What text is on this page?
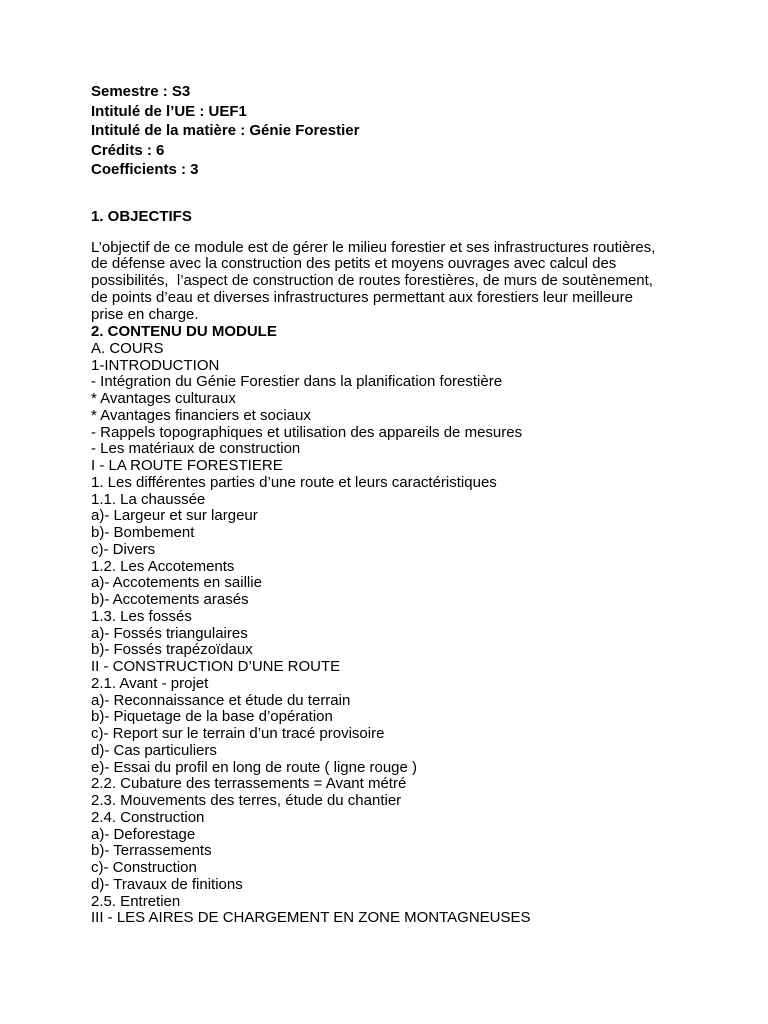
Semestre : S3
Intitulé de l’UE : UEF1
Intitulé de la matière : Génie Forestier
Crédits : 6
Coefficients : 3
1. OBJECTIFS
L’objectif de ce module est de gérer le milieu forestier et ses infrastructures routières,
de défense avec la construction des petits et moyens ouvrages avec calcul des
possibilités,  l’aspect de construction de routes forestières, de murs de soutènement,
de points d’eau et diverses infrastructures permettant aux forestiers leur meilleure
prise en charge.
2. CONTENU DU MODULE
A. COURS
1-INTRODUCTION
- Intégration du Génie Forestier dans la planification forestière
* Avantages culturaux
* Avantages financiers et sociaux
- Rappels topographiques et utilisation des appareils de mesures
- Les matériaux de construction
I - LA ROUTE FORESTIERE
1. Les différentes parties d’une route et leurs caractéristiques
1.1. La chaussée
a)- Largeur et sur largeur
b)- Bombement
c)- Divers
1.2. Les Accotements
a)- Accotements en saillie
b)- Accotements arasés
1.3. Les fossés
a)- Fossés triangulaires
b)- Fossés trapézoïdaux
II - CONSTRUCTION D’UNE ROUTE
2.1. Avant - projet
a)- Reconnaissance et étude du terrain
b)- Piquetage de la base d’opération
c)- Report sur le terrain d’un tracé provisoire
d)- Cas particuliers
e)- Essai du profil en long de route ( ligne rouge )
2.2. Cubature des terrassements = Avant métré
2.3. Mouvements des terres, étude du chantier
2.4. Construction
a)- Deforestage
b)- Terrassements
c)- Construction
d)- Travaux de finitions
2.5. Entretien
III - LES AIRES DE CHARGEMENT EN ZONE MONTAGNEUSES
